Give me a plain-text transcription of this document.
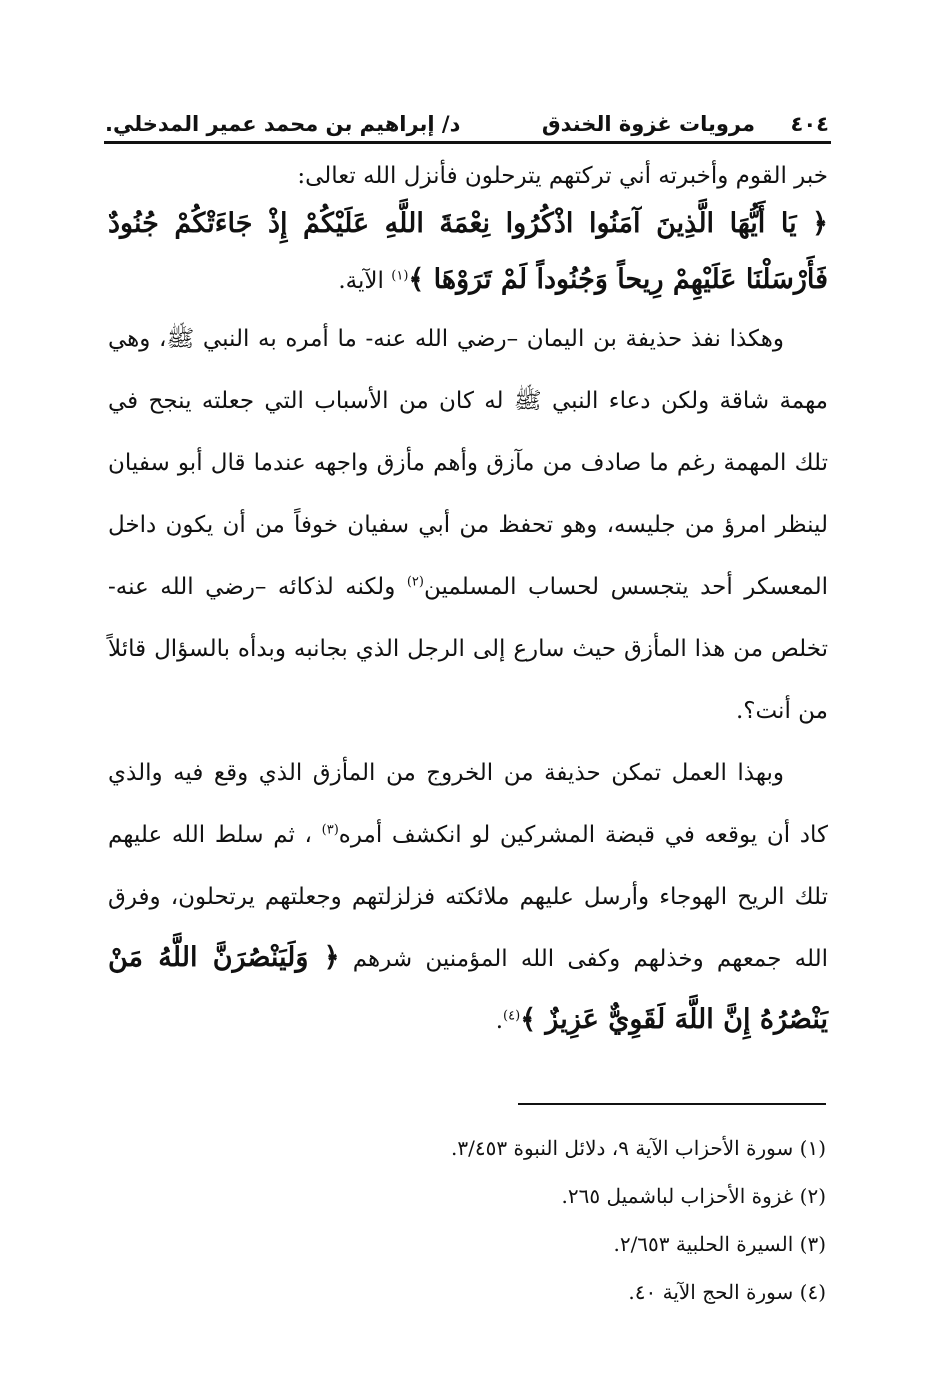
٤٠٤
مرويات غزوة الخندق
د/ إبراهيم بن محمد عمير المدخلي.

خبر القوم وأخبرته أني تركتهم يترحلون فأنزل الله تعالى:

﴿ يَا أَيُّهَا الَّذِينَ آمَنُوا اذْكُرُوا نِعْمَةَ اللَّهِ عَلَيْكُمْ إِذْ جَاءَتْكُمْ جُنُودٌ فَأَرْسَلْنَا عَلَيْهِمْ رِيحاً وَجُنُوداً لَمْ تَرَوْهَا ﴾$^{(١)}$ الآية.

وهكذا نفذ حذيفة بن اليمان –رضي الله عنه- ما أمره به النبي ﷺ، وهي مهمة شاقة ولكن دعاء النبي ﷺ له كان من الأسباب التي جعلته ينجح في تلك المهمة رغم ما صادف من مآزق وأهم مأزق واجهه عندما قال أبو سفيان لينظر امرؤ من جليسه، وهو تحفظ من أبي سفيان خوفاً من أن يكون داخل المعسكر أحد يتجسس لحساب المسلمين$^{(٢)}$ ولكنه لذكائه –رضي الله عنه- تخلص من هذا المأزق حيث سارع إلى الرجل الذي بجانبه وبدأه بالسؤال قائلاً من أنت؟.

وبهذا العمل تمكن حذيفة من الخروج من المأزق الذي وقع فيه والذي كاد أن يوقعه في قبضة المشركين لو انكشف أمره$^{(٣)}$ ، ثم سلط الله عليهم تلك الريح الهوجاء وأرسل عليهم ملائكته فزلزلتهم وجعلتهم يرتحلون، وفرق الله جمعهم وخذلهم وكفى الله المؤمنين شرهم ﴿ وَلَيَنْصُرَنَّ اللَّهُ مَنْ يَنْصُرُهُ إِنَّ اللَّهَ لَقَوِيٌّ عَزِيزٌ ﴾$^{(٤)}$.

(١) سورة الأحزاب الآية ٩، دلائل النبوة ٣/٤٥٣.

(٢) غزوة الأحزاب لباشميل ٢٦٥.

(٣) السيرة الحلبية ٢/٦٥٣.

(٤) سورة الحج الآية ٤٠.
